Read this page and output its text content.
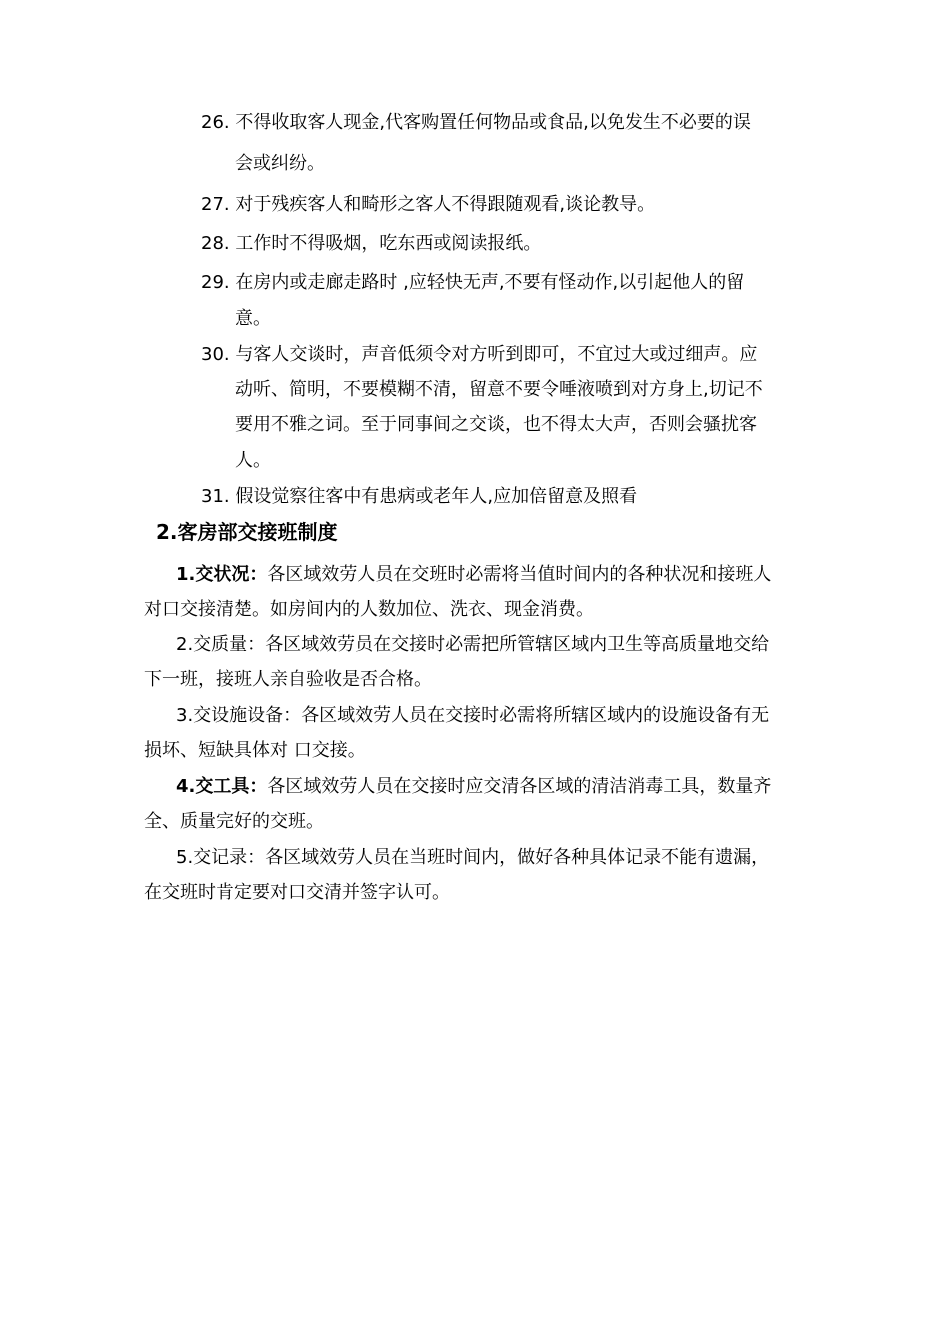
26. 不得收取客人现金,代客购置任何物品或食品,以免发生不必要的误
会或纠纷。
27. 对于残疾客人和畸形之客人不得跟随观看,谈论教导。
28. 工作时不得吸烟，吃东西或阅读报纸。
29. 在房内或走廊走路时 ,应轻快无声,不要有怪动作,以引起他人的留
意。
30. 与客人交谈时，声音低须令对方听到即可，不宜过大或过细声。应
动听、简明，不要模糊不清，留意不要令唾液喷到对方身上,切记不
要用不雅之词。至于同事间之交谈，也不得太大声，否则会骚扰客
人。
31. 假设觉察往客中有患病或老年人,应加倍留意及照看
2.客房部交接班制度
1.交状况：各区域效劳人员在交班时必需将当值时间内的各种状况和接班人
对口交接清楚。如房间内的人数加位、洗衣、现金消费。
2.交质量：各区域效劳员在交接时必需把所管辖区域内卫生等高质量地交给
下一班，接班人亲自验收是否合格。
3.交设施设备：各区域效劳人员在交接时必需将所辖区域内的设施设备有无
损坏、短缺具体对 口交接。
4.交工具：各区域效劳人员在交接时应交清各区域的清洁消毒工具，数量齐
全、质量完好的交班。
5.交记录：各区域效劳人员在当班时间内，做好各种具体记录不能有遗漏，
在交班时肯定要对口交清并签字认可。
